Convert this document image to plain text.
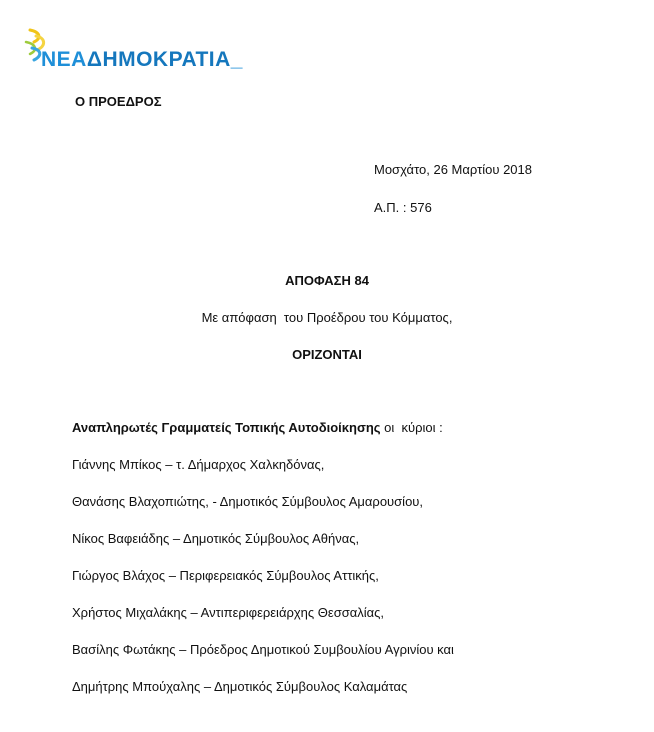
ΝΕΑΔΗΜΟΚΡΑΤΙΑ_
Ο ΠΡΟΕΔΡΟΣ
Μοσχάτο, 26 Μαρτίου 2018
Α.Π. : 576
ΑΠΟΦΑΣΗ 84
Με απόφαση  του Προέδρου του Κόμματος,
ΟΡΙΖΟΝΤΑΙ
Αναπληρωτές Γραμματείς Τοπικής Αυτοδιοίκησης οι  κύριοι :
Γιάννης Μπίκος – τ. Δήμαρχος Χαλκηδόνας,
Θανάσης Βλαχοπιώτης, - Δημοτικός Σύμβουλος Αμαρουσίου,
Νίκος Βαφειάδης – Δημοτικός Σύμβουλος Αθήνας,
Γιώργος Βλάχος – Περιφερειακός Σύμβουλος Αττικής,
Χρήστος Μιχαλάκης – Αντιπεριφερειάρχης Θεσσαλίας,
Βασίλης Φωτάκης – Πρόεδρος Δημοτικού Συμβουλίου Αγρινίου και
Δημήτρης Μπούχαλης – Δημοτικός Σύμβουλος Καλαμάτας
